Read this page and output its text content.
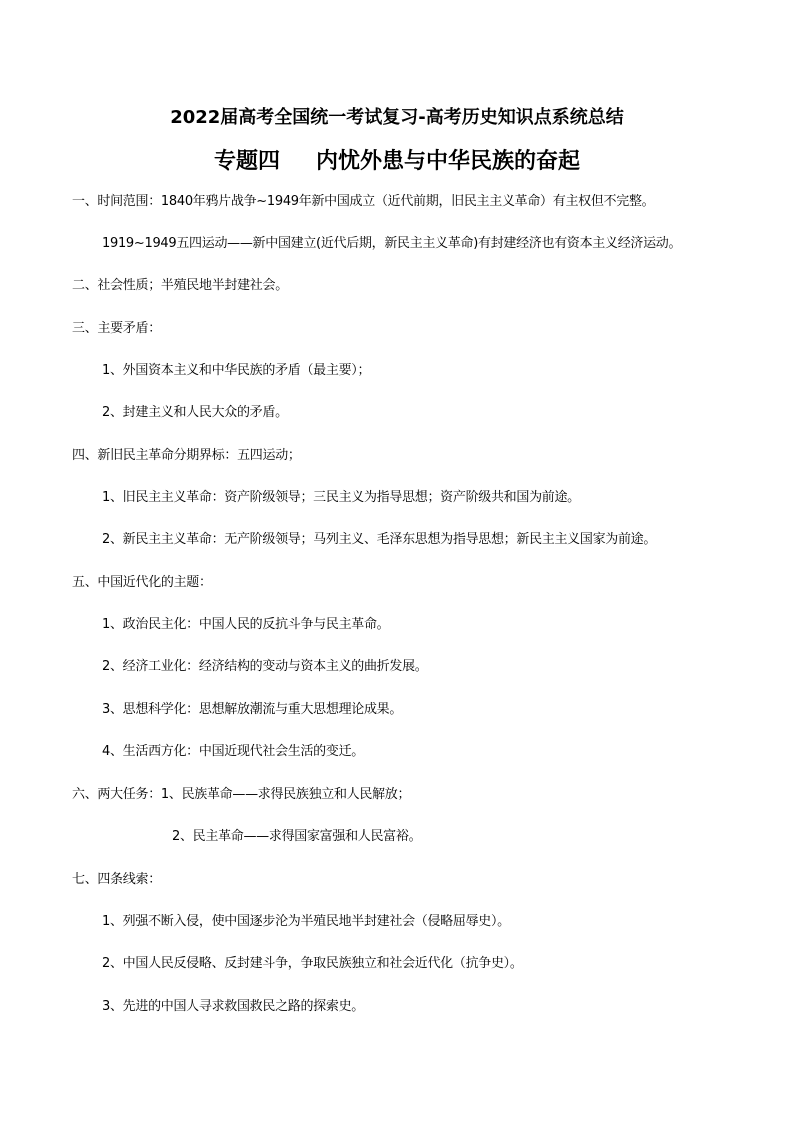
2022届高考全国统一考试复习-高考历史知识点系统总结
专题四 内忧外患与中华民族的奋起
一、时间范围：1840年鸦片战争~1949年新中国成立（近代前期，旧民主主义革命）有主权但不完整。
1919~1949五四运动——新中国建立(近代后期，新民主主义革命)有封建经济也有资本主义经济运动。
二、社会性质；半殖民地半封建社会。
三、主要矛盾：
1、外国资本主义和中华民族的矛盾（最主要）；
2、封建主义和人民大众的矛盾。
四、新旧民主革命分期界标：五四运动；
1、旧民主主义革命：资产阶级领导；三民主义为指导思想；资产阶级共和国为前途。
2、新民主主义革命：无产阶级领导；马列主义、毛泽东思想为指导思想；新民主主义国家为前途。
五、中国近代化的主题：
1、政治民主化：中国人民的反抗斗争与民主革命。
2、经济工业化：经济结构的变动与资本主义的曲折发展。
3、思想科学化：思想解放潮流与重大思想理论成果。
4、生活西方化：中国近现代社会生活的变迁。
六、两大任务：1、民族革命——求得民族独立和人民解放；
2、民主革命——求得国家富强和人民富裕。
七、四条线索：
1、列强不断入侵，使中国逐步沦为半殖民地半封建社会（侵略屈辱史）。
2、中国人民反侵略、反封建斗争，争取民族独立和社会近代化（抗争史）。
3、先进的中国人寻求救国救民之路的探索史。
